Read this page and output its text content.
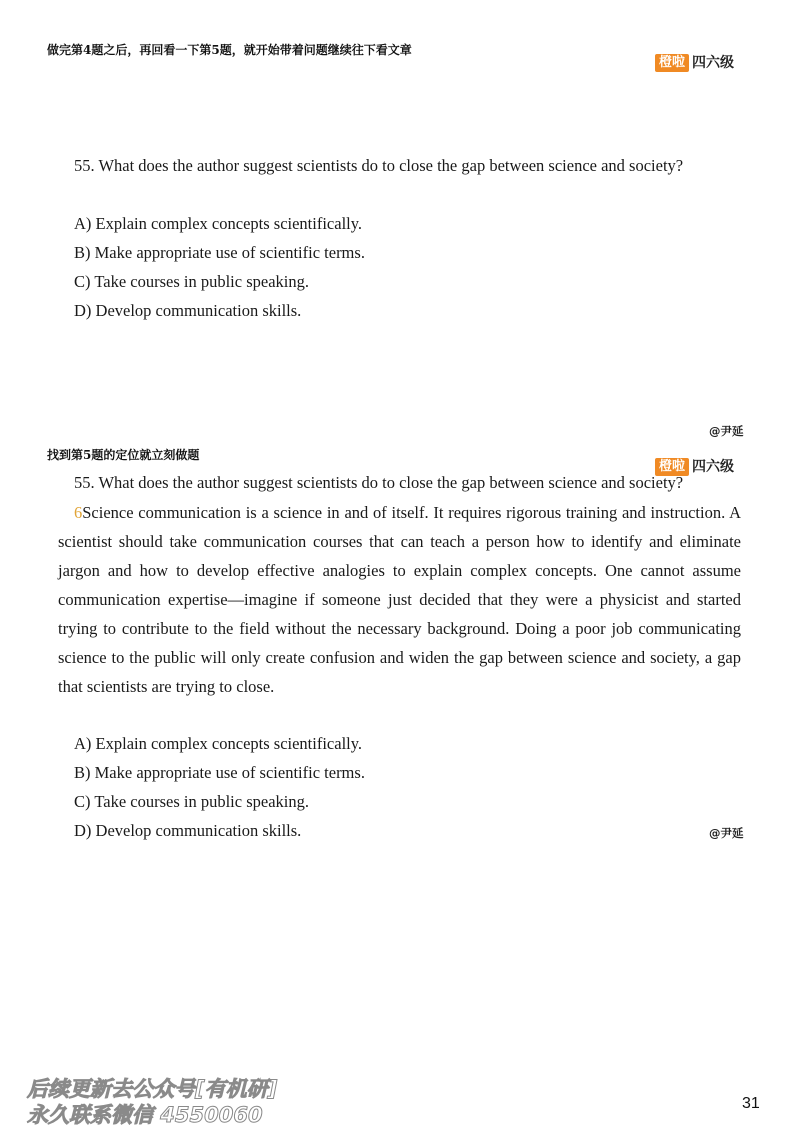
做完第4题之后，再回看一下第5题，就开始带着问题继续往下看文章
橙啦 四六级
55. What does the author suggest scientists do to close the gap between science and society?
A) Explain complex concepts scientifically.
B) Make appropriate use of scientific terms.
C) Take courses in public speaking.
D) Develop communication skills.
@尹延
找到第5题的定位就立刻做题
橙啦 四六级
55. What does the author suggest scientists do to close the gap between science and society?
6Science communication is a science in and of itself. It requires rigorous training and instruction. A scientist should take communication courses that can teach a person how to identify and eliminate jargon and how to develop effective analogies to explain complex concepts. One cannot assume communication expertise—imagine if someone just decided that they were a physicist and started trying to contribute to the field without the necessary background. Doing a poor job communicating science to the public will only create confusion and widen the gap between science and society, a gap that scientists are trying to close.
A) Explain complex concepts scientifically.
B) Make appropriate use of scientific terms.
C) Take courses in public speaking.
D) Develop communication skills.	@尹延
后续更新去公众号[有机研]
永久联系微信 4550060	31
